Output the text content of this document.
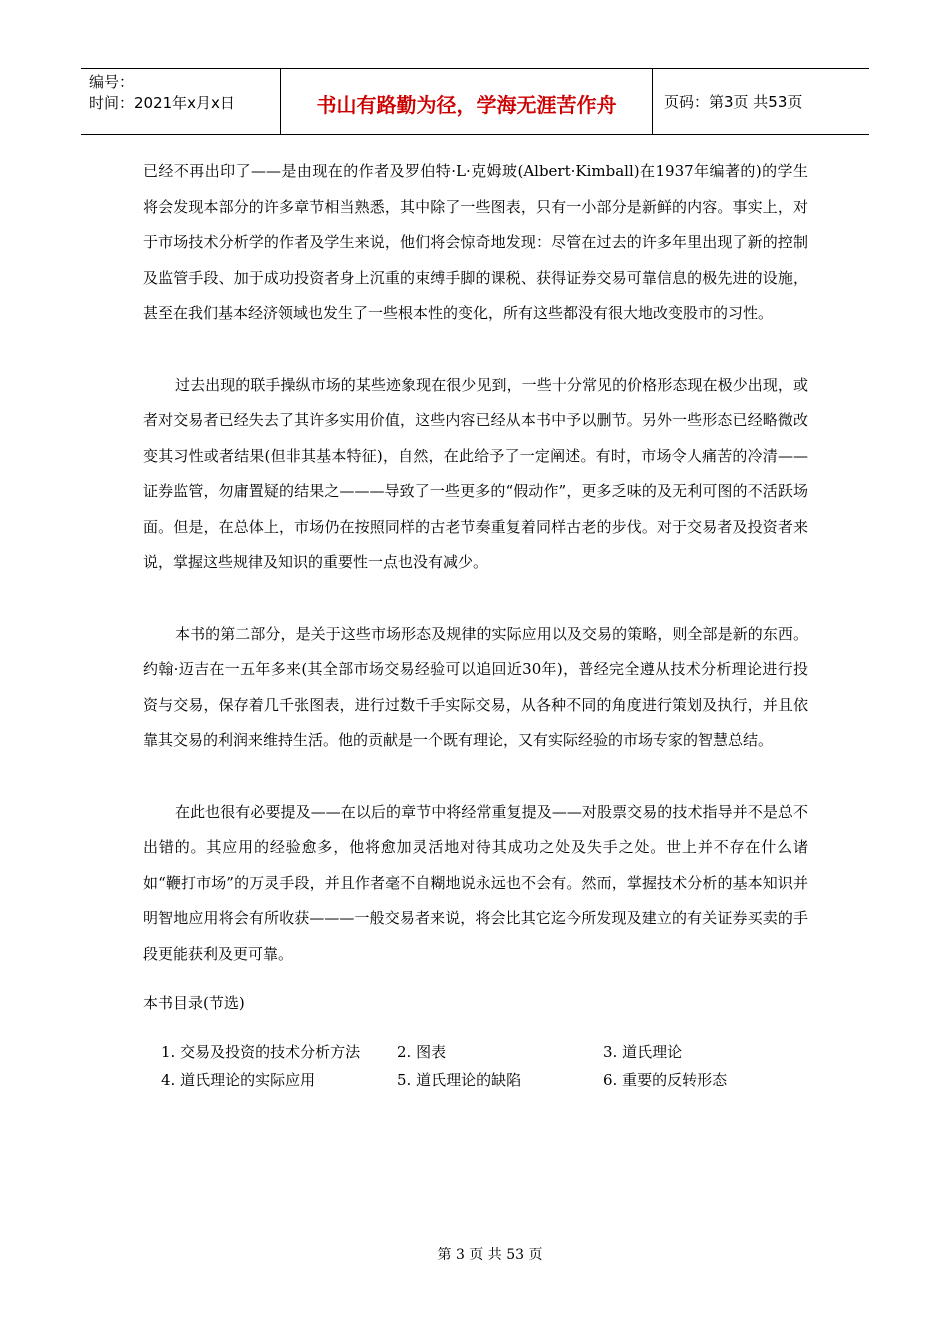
编号：
时间：2021年x月x日	书山有路勤为径，学海无涯苦作舟	页码：第3页 共53页

已经不再出印了——是由现在的作者及罗伯特·L·克姆玻(Albert·Kimball)在1937年编著的)的学生将会发现本部分的许多章节相当熟悉，其中除了一些图表，只有一小部分是新鲜的内容。事实上，对于市场技术分析学的作者及学生来说，他们将会惊奇地发现：尽管在过去的许多年里出现了新的控制及监管手段、加于成功投资者身上沉重的束缚手脚的课税、获得证券交易可靠信息的极先进的设施，甚至在我们基本经济领域也发生了一些根本性的变化，所有这些都没有很大地改变股市的习性。

过去出现的联手操纵市场的某些迹象现在很少见到，一些十分常见的价格形态现在极少出现，或者对交易者已经失去了其许多实用价值，这些内容已经从本书中予以删节。另外一些形态已经略微改变其习性或者结果(但非其基本特征)，自然，在此给予了一定阐述。有时，市场令人痛苦的冷清——证券监管，勿庸置疑的结果之———导致了一些更多的“假动作”，更多乏味的及无利可图的不活跃场面。但是，在总体上，市场仍在按照同样的古老节奏重复着同样古老的步伐。对于交易者及投资者来说，掌握这些规律及知识的重要性一点也没有减少。

本书的第二部分，是关于这些市场形态及规律的实际应用以及交易的策略，则全部是新的东西。约翰·迈吉在一五年多来(其全部市场交易经验可以追回近30年)，普经完全遵从技术分析理论进行投资与交易，保存着几千张图表，进行过数千手实际交易，从各种不同的角度进行策划及执行，并且依靠其交易的利润来维持生活。他的贡献是一个既有理论，又有实际经验的市场专家的智慧总结。

在此也很有必要提及——在以后的章节中将经常重复提及——对股票交易的技术指导并不是总不出错的。其应用的经验愈多，他将愈加灵活地对待其成功之处及失手之处。世上并不存在什么诸如“鞭打市场”的万灵手段，并且作者毫不自糊地说永远也不会有。然而，掌握技术分析的基本知识并明智地应用将会有所收获———一般交易者来说，将会比其它迄今所发现及建立的有关证券买卖的手段更能获利及更可靠。

本书目录(节选)
1. 交易及投资的技术分析方法	2. 图表	3. 道氏理论
4. 道氏理论的实际应用	5. 道氏理论的缺陷	6. 重要的反转形态
第 3 页 共 53 页
